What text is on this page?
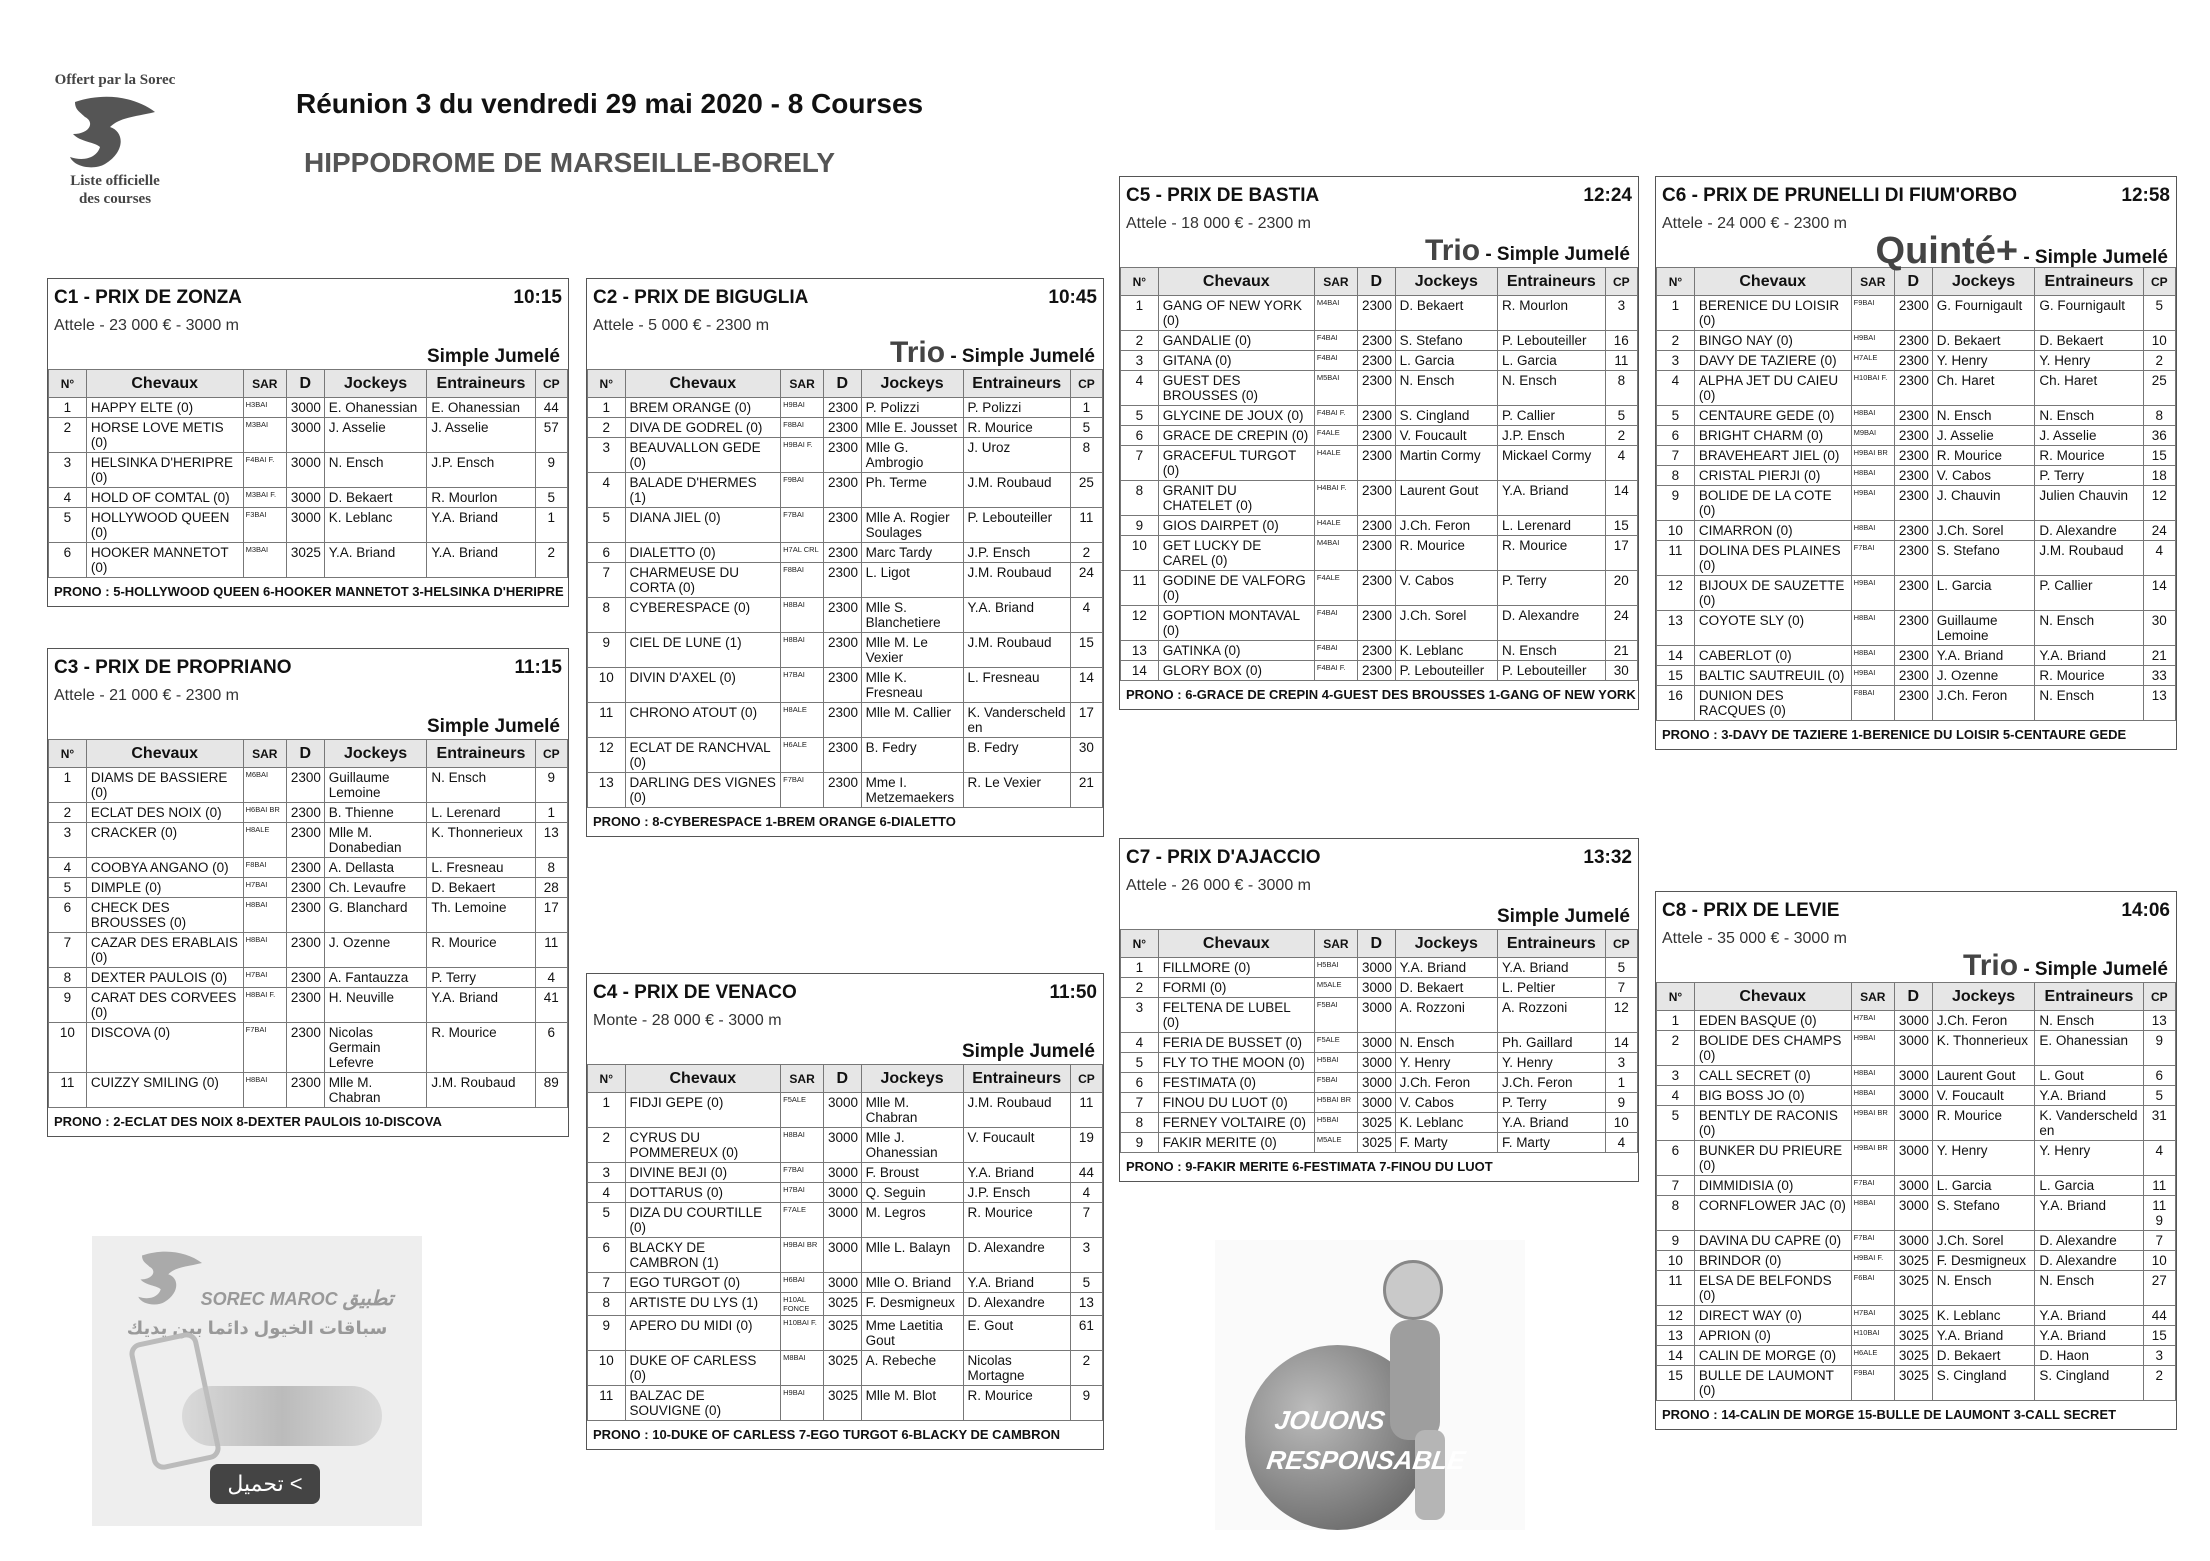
Offert par la Sorec
Liste officielle
des courses
Réunion 3 du vendredi 29 mai 2020 - 8 Courses
HIPPODROME DE MARSEILLE-BORELY
C1 - PRIX DE ZONZA	10:15
Attele - 23 000 € - 3000 m
Simple Jumelé
N°	Chevaux	SAR	D	Jockeys	Entraineurs	CP
1	HAPPY ELTE (0)	H3BAI	3000	E. Ohanessian	E. Ohanessian	44
2	HORSE LOVE METIS (0)	M3BAI	3000	J. Asselie	J. Asselie	57
3	HELSINKA D'HERIPRE (0)	F4BAI F.	3000	N. Ensch	J.P. Ensch	9
4	HOLD OF COMTAL (0)	M3BAI F.	3000	D. Bekaert	R. Mourlon	5
5	HOLLYWOOD QUEEN (0)	F3BAI	3000	K. Leblanc	Y.A. Briand	1
6	HOOKER MANNETOT (0)	M3BAI	3025	Y.A. Briand	Y.A. Briand	2
PRONO : 5-HOLLYWOOD QUEEN 6-HOOKER MANNETOT 3-HELSINKA D'HERIPRE
C2 - PRIX DE BIGUGLIA	10:45
Attele - 5 000 € - 2300 m
Trio - Simple Jumelé
N°	Chevaux	SAR	D	Jockeys	Entraineurs	CP
1	BREM ORANGE (0)	H9BAI	2300	P. Polizzi	P. Polizzi	1
2	DIVA DE GODREL (0)	F8BAI	2300	Mlle E. Jousset	R. Mourice	5
3	BEAUVALLON GEDE (0)	H9BAI F.	2300	Mlle G. Ambrogio	J. Uroz	8
4	BALADE D'HERMES (1)	F9BAI	2300	Ph. Terme	J.M. Roubaud	25
5	DIANA JIEL (0)	F7BAI	2300	Mlle A. Rogier Soulages	P. Lebouteiller	11
6	DIALETTO (0)	H7AL CRL	2300	Marc Tardy	J.P. Ensch	2
7	CHARMEUSE DU CORTA (0)	F8BAI	2300	L. Ligot	J.M. Roubaud	24
8	CYBERESPACE (0)	H8BAI	2300	Mlle S. Blanchetiere	Y.A. Briand	4
9	CIEL DE LUNE (1)	H8BAI	2300	Mlle M. Le Vexier	J.M. Roubaud	15
10	DIVIN D'AXEL (0)	H7BAI	2300	Mlle K. Fresneau	L. Fresneau	14
11	CHRONO ATOUT (0)	H8ALE	2300	Mlle M. Callier	K. Vanderscheld en	17
12	ECLAT DE RANCHVAL (0)	H6ALE	2300	B. Fedry	B. Fedry	30
13	DARLING DES VIGNES (0)	F7BAI	2300	Mme I. Metzemaekers	R. Le Vexier	21
PRONO : 8-CYBERESPACE 1-BREM ORANGE 6-DIALETTO
C3 - PRIX DE PROPRIANO	11:15
Attele - 21 000 € - 2300 m
Simple Jumelé
N°	Chevaux	SAR	D	Jockeys	Entraineurs	CP
1	DIAMS DE BASSIERE (0)	M6BAI	2300	Guillaume Lemoine	N. Ensch	9
2	ECLAT DES NOIX (0)	H6BAI BR	2300	B. Thienne	L. Lerenard	1
3	CRACKER (0)	H8ALE	2300	Mlle M. Donabedian	K. Thonnerieux	13
4	COOBYA ANGANO (0)	F8BAI	2300	A. Dellasta	L. Fresneau	8
5	DIMPLE (0)	H7BAI	2300	Ch. Levaufre	D. Bekaert	28
6	CHECK DES BROUSSES (0)	H8BAI	2300	G. Blanchard	Th. Lemoine	17
7	CAZAR DES ERABLAIS (0)	H8BAI	2300	J. Ozenne	R. Mourice	11
8	DEXTER PAULOIS (0)	H7BAI	2300	A. Fantauzza	P. Terry	4
9	CARAT DES CORVEES (0)	H8BAI F.	2300	H. Neuville	Y.A. Briand	41
10	DISCOVA (0)	F7BAI	2300	Nicolas Germain Lefevre	R. Mourice	6
11	CUIZZY SMILING (0)	H8BAI	2300	Mlle M. Chabran	J.M. Roubaud	89
PRONO : 2-ECLAT DES NOIX 8-DEXTER PAULOIS 10-DISCOVA
C4 - PRIX DE VENACO	11:50
Monte - 28 000 € - 3000 m
Simple Jumelé
N°	Chevaux	SAR	D	Jockeys	Entraineurs	CP
1	FIDJI GEPE (0)	F5ALE	3000	Mlle M. Chabran	J.M. Roubaud	11
2	CYRUS DU POMMEREUX (0)	H8BAI	3000	Mlle J. Ohanessian	V. Foucault	19
3	DIVINE BEJI (0)	F7BAI	3000	F. Broust	Y.A. Briand	44
4	DOTTARUS (0)	H7BAI	3000	Q. Seguin	J.P. Ensch	4
5	DIZA DU COURTILLE (0)	F7ALE	3000	M. Legros	R. Mourice	7
6	BLACKY DE CAMBRON (1)	H9BAI BR	3000	Mlle L. Balayn	D. Alexandre	3
7	EGO TURGOT (0)	H6BAI	3000	Mlle O. Briand	Y.A. Briand	5
8	ARTISTE DU LYS (1)	H10AL FONCE	3025	F. Desmigneux	D. Alexandre	13
9	APERO DU MIDI (0)	H10BAI F.	3025	Mme Laetitia Gout	E. Gout	61
10	DUKE OF CARLESS (0)	M8BAI	3025	A. Rebeche	Nicolas Mortagne	2
11	BALZAC DE SOUVIGNE (0)	H9BAI	3025	Mlle M. Blot	R. Mourice	9
PRONO : 10-DUKE OF CARLESS 7-EGO TURGOT 6-BLACKY DE CAMBRON
C5 - PRIX DE BASTIA	12:24
Attele - 18 000 € - 2300 m
Trio - Simple Jumelé
N°	Chevaux	SAR	D	Jockeys	Entraineurs	CP
1	GANG OF NEW YORK (0)	M4BAI	2300	D. Bekaert	R. Mourlon	3
2	GANDALIE (0)	F4BAI	2300	S. Stefano	P. Lebouteiller	16
3	GITANA (0)	F4BAI	2300	L. Garcia	L. Garcia	11
4	GUEST DES BROUSSES (0)	M5BAI	2300	N. Ensch	N. Ensch	8
5	GLYCINE DE JOUX (0)	F4BAI F.	2300	S. Cingland	P. Callier	5
6	GRACE DE CREPIN (0)	F4ALE	2300	V. Foucault	J.P. Ensch	2
7	GRACEFUL TURGOT (0)	H4ALE	2300	Martin Cormy	Mickael Cormy	4
8	GRANIT DU CHATELET (0)	H4BAI F.	2300	Laurent Gout	Y.A. Briand	14
9	GIOS DAIRPET (0)	H4ALE	2300	J.Ch. Feron	L. Lerenard	15
10	GET LUCKY DE CAREL (0)	M4BAI	2300	R. Mourice	R. Mourice	17
11	GODINE DE VALFORG (0)	F4ALE	2300	V. Cabos	P. Terry	20
12	GOPTION MONTAVAL (0)	F4BAI	2300	J.Ch. Sorel	D. Alexandre	24
13	GATINKA (0)	F4BAI	2300	K. Leblanc	N. Ensch	21
14	GLORY BOX (0)	F4BAI F.	2300	P. Lebouteiller	P. Lebouteiller	30
PRONO : 6-GRACE DE CREPIN 4-GUEST DES BROUSSES 1-GANG OF NEW YORK
C6 - PRIX DE PRUNELLI DI FIUM'ORBO	12:58
Attele - 24 000 € - 2300 m
Quinté+ - Simple Jumelé
N°	Chevaux	SAR	D	Jockeys	Entraineurs	CP
1	BERENICE DU LOISIR (0)	F9BAI	2300	G. Fournigault	G. Fournigault	5
2	BINGO NAY (0)	H9BAI	2300	D. Bekaert	D. Bekaert	10
3	DAVY DE TAZIERE (0)	H7ALE	2300	Y. Henry	Y. Henry	2
4	ALPHA JET DU CAIEU (0)	H10BAI F.	2300	Ch. Haret	Ch. Haret	25
5	CENTAURE GEDE (0)	H8BAI	2300	N. Ensch	N. Ensch	8
6	BRIGHT CHARM (0)	M9BAI	2300	J. Asselie	J. Asselie	36
7	BRAVEHEART JIEL (0)	H9BAI BR	2300	R. Mourice	R. Mourice	15
8	CRISTAL PIERJI (0)	H8BAI	2300	V. Cabos	P. Terry	18
9	BOLIDE DE LA COTE (0)	H9BAI	2300	J. Chauvin	Julien Chauvin	12
10	CIMARRON (0)	H8BAI	2300	J.Ch. Sorel	D. Alexandre	24
11	DOLINA DES PLAINES (0)	F7BAI	2300	S. Stefano	J.M. Roubaud	4
12	BIJOUX DE SAUZETTE (0)	H9BAI	2300	L. Garcia	P. Callier	14
13	COYOTE SLY (0)	H8BAI	2300	Guillaume Lemoine	N. Ensch	30
14	CABERLOT (0)	H8BAI	2300	Y.A. Briand	Y.A. Briand	21
15	BALTIC SAUTREUIL (0)	H9BAI	2300	J. Ozenne	R. Mourice	33
16	DUNION DES RACQUES (0)	F8BAI	2300	J.Ch. Feron	N. Ensch	13
PRONO : 3-DAVY DE TAZIERE 1-BERENICE DU LOISIR 5-CENTAURE GEDE
C7 - PRIX D'AJACCIO	13:32
Attele - 26 000 € - 3000 m
Simple Jumelé
N°	Chevaux	SAR	D	Jockeys	Entraineurs	CP
1	FILLMORE (0)	H5BAI	3000	Y.A. Briand	Y.A. Briand	5
2	FORMI (0)	M5ALE	3000	D. Bekaert	L. Peltier	7
3	FELTENA DE LUBEL (0)	F5BAI	3000	A. Rozzoni	A. Rozzoni	12
4	FERIA DE BUSSET (0)	F5ALE	3000	N. Ensch	Ph. Gaillard	14
5	FLY TO THE MOON (0)	H5BAI	3000	Y. Henry	Y. Henry	3
6	FESTIMATA (0)	F5BAI	3000	J.Ch. Feron	J.Ch. Feron	1
7	FINOU DU LUOT (0)	H5BAI BR	3000	V. Cabos	P. Terry	9
8	FERNEY VOLTAIRE (0)	H5BAI	3025	K. Leblanc	Y.A. Briand	10
9	FAKIR MERITE (0)	M5ALE	3025	F. Marty	F. Marty	4
PRONO : 9-FAKIR MERITE 6-FESTIMATA 7-FINOU DU LUOT
C8 - PRIX DE LEVIE	14:06
Attele - 35 000 € - 3000 m
Trio - Simple Jumelé
N°	Chevaux	SAR	D	Jockeys	Entraineurs	CP
1	EDEN BASQUE (0)	H7BAI	3000	J.Ch. Feron	N. Ensch	13
2	BOLIDE DES CHAMPS (0)	H9BAI	3000	K. Thonnerieux	E. Ohanessian	9
3	CALL SECRET (0)	H8BAI	3000	Laurent Gout	L. Gout	6
4	BIG BOSS JO (0)	H8BAI	3000	V. Foucault	Y.A. Briand	5
5	BENTLY DE RACONIS (0)	H9BAI BR	3000	R. Mourice	K. Vanderscheld en	31
6	BUNKER DU PRIEURE (0)	H9BAI BR	3000	Y. Henry	Y. Henry	4
7	DIMMIDISIA (0)	F7BAI	3000	L. Garcia	L. Garcia	11
8	CORNFLOWER JAC (0)	H8BAI	3000	S. Stefano	Y.A. Briand	11 9
9	DAVINA DU CAPRE (0)	F7BAI	3000	J.Ch. Sorel	D. Alexandre	7
10	BRINDOR (0)	H9BAI F.	3025	F. Desmigneux	D. Alexandre	10
11	ELSA DE BELFONDS (0)	F6BAI	3025	N. Ensch	N. Ensch	27
12	DIRECT WAY (0)	H7BAI	3025	K. Leblanc	Y.A. Briand	44
13	APRION (0)	H10BAI	3025	Y.A. Briand	Y.A. Briand	15
14	CALIN DE MORGE (0)	H6ALE	3025	D. Bekaert	D. Haon	3
15	BULLE DE LAUMONT (0)	F9BAI	3025	S. Cingland	S. Cingland	2
PRONO : 14-CALIN DE MORGE 15-BULLE DE LAUMONT 3-CALL SECRET
SOREC MAROC تطبيق
سباقات الخيول دائما بين يديك
تحميل <
JOUONS
RESPONSABLE
